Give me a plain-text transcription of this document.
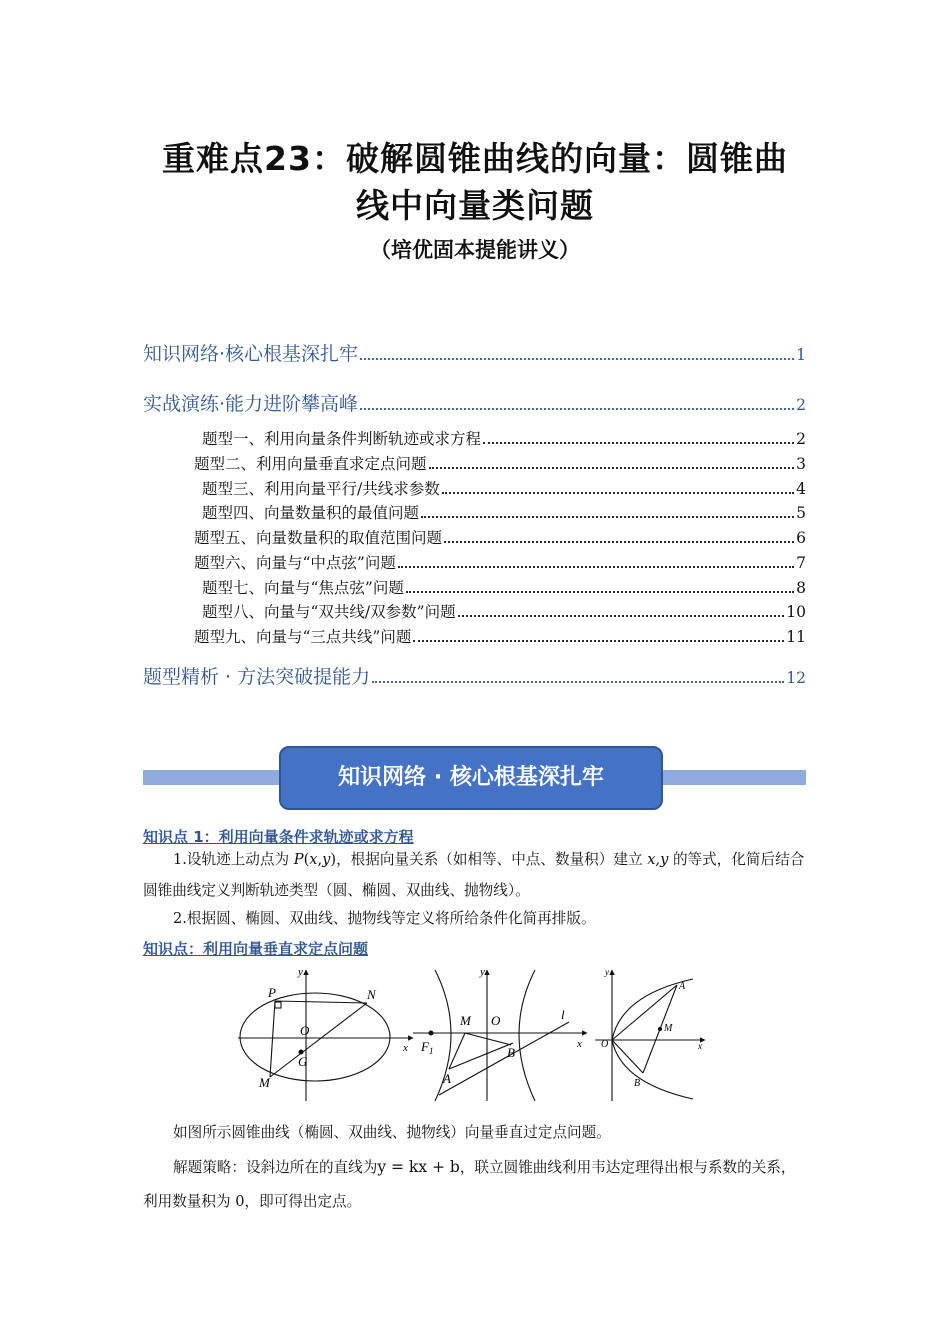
重难点23：破解圆锥曲线的向量：圆锥曲
线中向量类问题
（培优固本提能讲义）
知识网络·核心根基深扎牢	1
实战演练·能力进阶攀高峰	2
题型一、利用向量条件判断轨迹或求方程	2
题型二、利用向量垂直求定点问题	3
题型三、利用向量平行/共线求参数	4
题型四、向量数量积的最值问题	5
题型五、向量数量积的取值范围问题	6
题型六、向量与“中点弦”问题	7
题型七、向量与“焦点弦”问题	8
题型八、向量与“双共线/双参数”问题	10
题型九、向量与“三点共线”问题	11
题型精析 · 方法突破提能力	12
知识网络 · 核心根基深扎牢
知识点 1：利用向量条件求轨迹或求方程
1.设轨迹上动点为 P(x,y)，根据向量关系（如相等、中点、数量积）建立 x,y 的等式，化简后结合圆锥曲线定义判断轨迹类型（圆、椭圆、双曲线、抛物线）。
2.根据圆、椭圆、双曲线、抛物线等定义将所给条件化简再排版。
知识点：利用向量垂直求定点问题
P	N
O
G
M
x
y
M O	l
$F_1$	B
A
x
y
A
M
O
B
x
y
如图所示圆锥曲线（椭圆、双曲线、抛物线）向量垂直过定点问题。
解题策略：设斜边所在的直线为y = kx + b，联立圆锥曲线利用韦达定理得出根与系数的关系，利用数量积为 0，即可得出定点。
